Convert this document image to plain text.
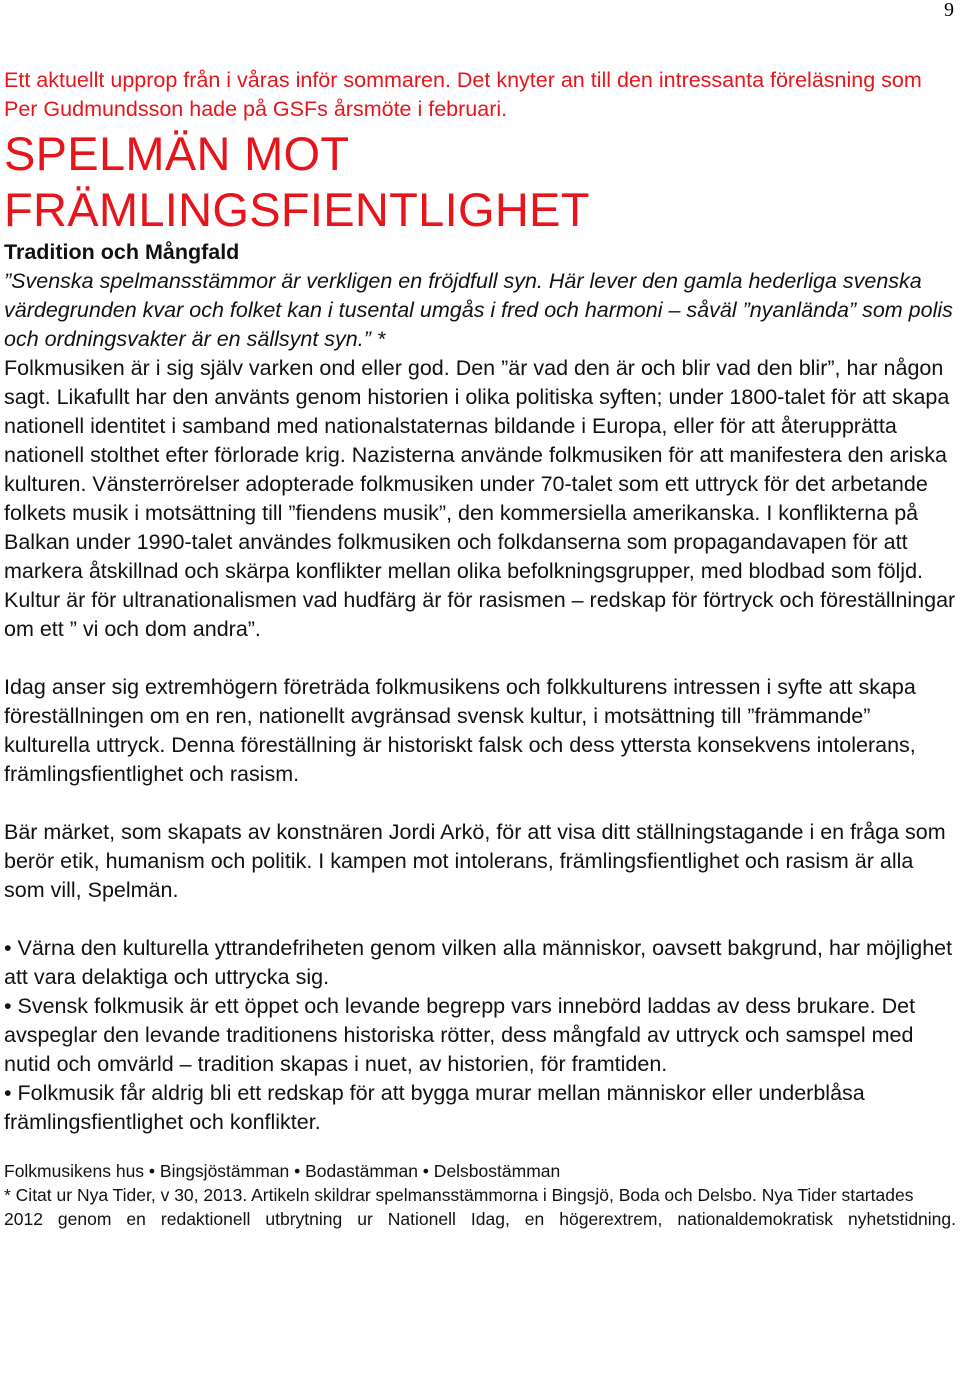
9

Ett aktuellt upprop från i våras inför sommaren. Det knyter an till den intressanta föreläsning som Per Gudmundsson hade på GSFs årsmöte i februari.

SPELMÄN MOT
FRÄMLINGSFIENTLIGHET

Tradition och Mångfald

”Svenska spelmansstämmor är verkligen en fröjdfull syn. Här lever den gamla hederliga svenska värdegrunden kvar och folket kan i tusental umgås i fred och harmoni – såväl ”nyanlända” som polis och ordningsvakter är en sällsynt syn.” *

Folkmusiken är i sig själv varken ond eller god. Den ”är vad den är och blir vad den blir”, har någon sagt. Likafullt har den använts genom historien i olika politiska syften; under 1800-talet för att skapa nationell identitet i samband med nationalstaternas bildande i Europa, eller för att återupprätta nationell stolthet efter förlorade krig. Nazisterna använde folkmusiken för att manifestera den ariska kulturen. Vänsterrörelser adopterade folkmusiken under 70-talet som ett uttryck för det arbetande folkets musik i motsättning till ”fiendens musik”, den kommersiella amerikanska. I konflikterna på Balkan under 1990-talet användes folkmusiken och folkdanserna som propagandavapen för att markera åtskillnad och skärpa konflikter mellan olika befolkningsgrupper, med blodbad som följd. Kultur är för ultranationalismen vad hudfärg är för rasismen – redskap för förtryck och föreställningar om ett ” vi och dom andra”.

Idag anser sig extremhögern företräda folkmusikens och folkkulturens intressen i syfte att skapa föreställningen om en ren, nationellt avgränsad svensk kultur, i motsättning till ”främmande” kulturella uttryck. Denna föreställning är historiskt falsk och dess yttersta konsekvens intolerans, främlingsfientlighet och rasism.

Bär märket, som skapats av konstnären Jordi Arkö, för att visa ditt ställningstagande i en fråga som berör etik, humanism och politik. I kampen mot intolerans, främlingsfientlighet och rasism är alla som vill, Spelmän.

• Värna den kulturella yttrandefriheten genom vilken alla människor, oavsett bakgrund, har möjlighet att vara delaktiga och uttrycka sig.

• Svensk folkmusik är ett öppet och levande begrepp vars innebörd laddas av dess brukare. Det avspeglar den levande traditionens historiska rötter, dess mångfald av uttryck och samspel med nutid och omvärld – tradition skapas i nuet, av historien, för framtiden.

• Folkmusik får aldrig bli ett redskap för att bygga murar mellan människor eller underblåsa främlingsfientlighet och konflikter.

Folkmusikens hus • Bingsjöstämman • Bodastämman • Delsbostämman

* Citat ur Nya Tider, v 30, 2013. Artikeln skildrar spelmansstämmorna i Bingsjö, Boda och Delsbo. Nya Tider startades

2012 genom en redaktionell utbrytning ur Nationell Idag, en högerextrem, nationaldemokratisk nyhetstidning.
